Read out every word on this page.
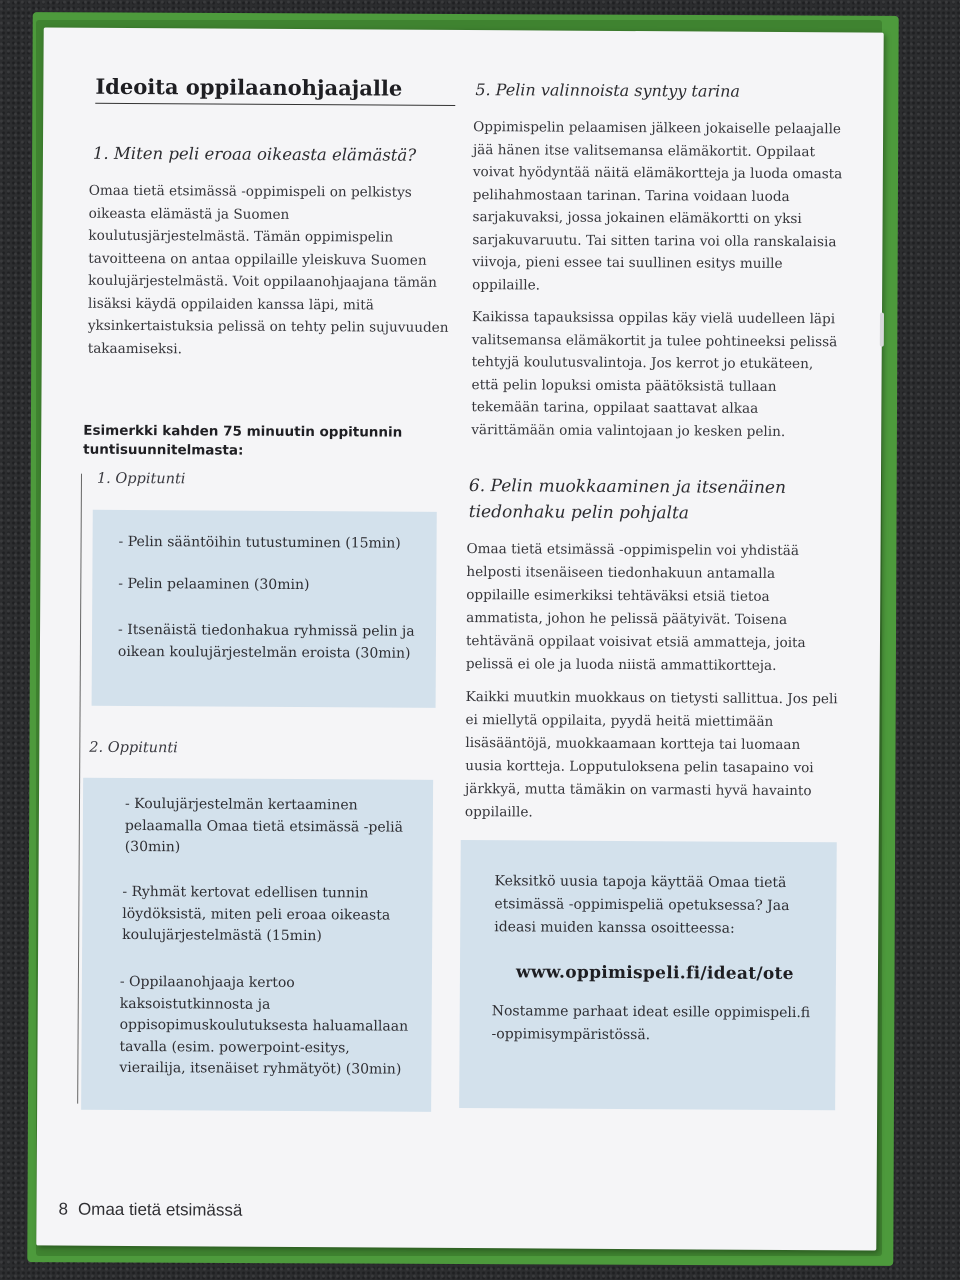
Ideoita oppilaanohjaajalle
1. Miten peli eroaa oikeasta elämästä?

Omaa tietä etsimässä -oppimispeli on pelkistys oikeasta elämästä ja Suomen koulutusjärjestelmästä. Tämän oppimispelin tavoitteena on antaa oppilaille yleiskuva Suomen koulujärjestelmästä. Voit oppilaanohjaajana tämän lisäksi käydä oppilaiden kanssa läpi, mitä yksinkertaistuksia pelissä on tehty pelin sujuvuuden takaamiseksi.

Esimerkki kahden 75 minuutin oppitunnin tuntisuunnitelmasta:
1. Oppitunti
- Pelin sääntöihin tutustuminen (15min)
- Pelin pelaaminen (30min)
- Itsenäistä tiedonhakua ryhmissä pelin ja oikean koulujärjestelmän eroista (30min)
2. Oppitunti
- Koulujärjestelmän kertaaminen pelaamalla Omaa tietä etsimässä -peliä (30min)
- Ryhmät kertovat edellisen tunnin löydöksistä, miten peli eroaa oikeasta koulujärjestelmästä (15min)
- Oppilaanohjaaja kertoo kaksoistutkinnosta ja oppisopimuskoulutuksesta haluamallaan tavalla (esim. powerpoint-esitys, vierailija, itsenäiset ryhmätyöt) (30min)
5. Pelin valinnoista syntyy tarina

Oppimispelin pelaamisen jälkeen jokaiselle pelaajalle jää hänen itse valitsemansa elämäkortit. Oppilaat voivat hyödyntää näitä elämäkortteja ja luoda omasta pelihahmostaan tarinan. Tarina voidaan luoda sarjakuvaksi, jossa jokainen elämäkortti on yksi sarjakuvaruutu. Tai sitten tarina voi olla ranskalaisia viivoja, pieni essee tai suullinen esitys muille oppilaille.

Kaikissa tapauksissa oppilas käy vielä uudelleen läpi valitsemansa elämäkortit ja tulee pohtineeksi pelissä tehtyjä koulutusvalintoja. Jos kerrot jo etukäteen, että pelin lopuksi omista päätöksistä tullaan tekemään tarina, oppilaat saattavat alkaa värittämään omia valintojaan jo kesken pelin.

6. Pelin muokkaaminen ja itsenäinen tiedonhaku pelin pohjalta

Omaa tietä etsimässä -oppimispelin voi yhdistää helposti itsenäiseen tiedonhakuun antamalla oppilaille esimerkiksi tehtäväksi etsiä tietoa ammatista, johon he pelissä päätyivät. Toisena tehtävänä oppilaat voisivat etsiä ammatteja, joita pelissä ei ole ja luoda niistä ammattikortteja.

Kaikki muutkin muokkaus on tietysti sallittua. Jos peli ei miellytä oppilaita, pyydä heitä miettimään lisäsääntöjä, muokkaamaan kortteja tai luomaan uusia kortteja. Lopputuloksena pelin tasapaino voi järkkyä, mutta tämäkin on varmasti hyvä havainto oppilaille.

Keksitkö uusia tapoja käyttää Omaa tietä etsimässä -oppimispeliä opetuksessa? Jaa ideasi muiden kanssa osoitteessa:
www.oppimispeli.fi/ideat/ote
Nostamme parhaat ideat esille oppimispeli.fi -oppimisympäristössä.
8 Omaa tietä etsimässä
